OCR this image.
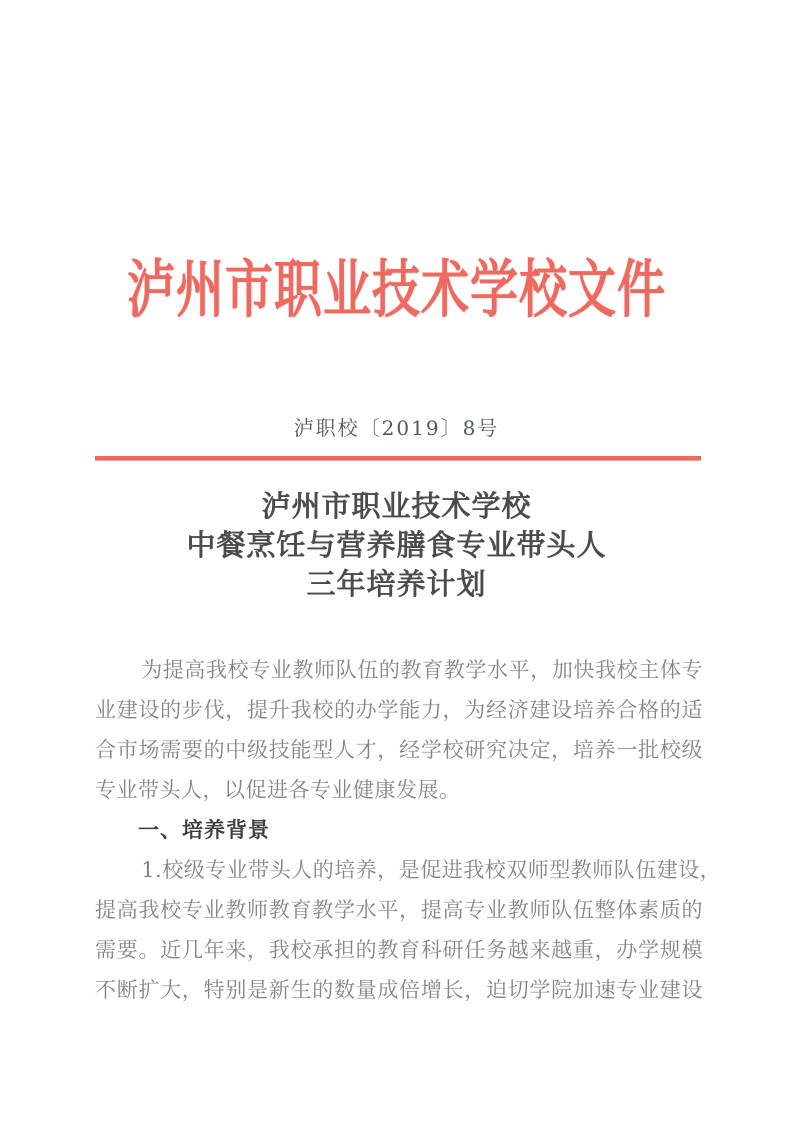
泸州市职业技术学校文件
泸职校〔2019〕8号
泸州市职业技术学校
中餐烹饪与营养膳食专业带头人
三年培养计划
为提高我校专业教师队伍的教育教学水平，加快我校主体专
业建设的步伐，提升我校的办学能力，为经济建设培养合格的适
合市场需要的中级技能型人才，经学校研究决定，培养一批校级
专业带头人，以促进各专业健康发展。
一、培养背景
1.校级专业带头人的培养，是促进我校双师型教师队伍建设，
提高我校专业教师教育教学水平，提高专业教师队伍整体素质的
需要。近几年来，我校承担的教育科研任务越来越重，办学规模
不断扩大，特别是新生的数量成倍增长，迫切学院加速专业建设
